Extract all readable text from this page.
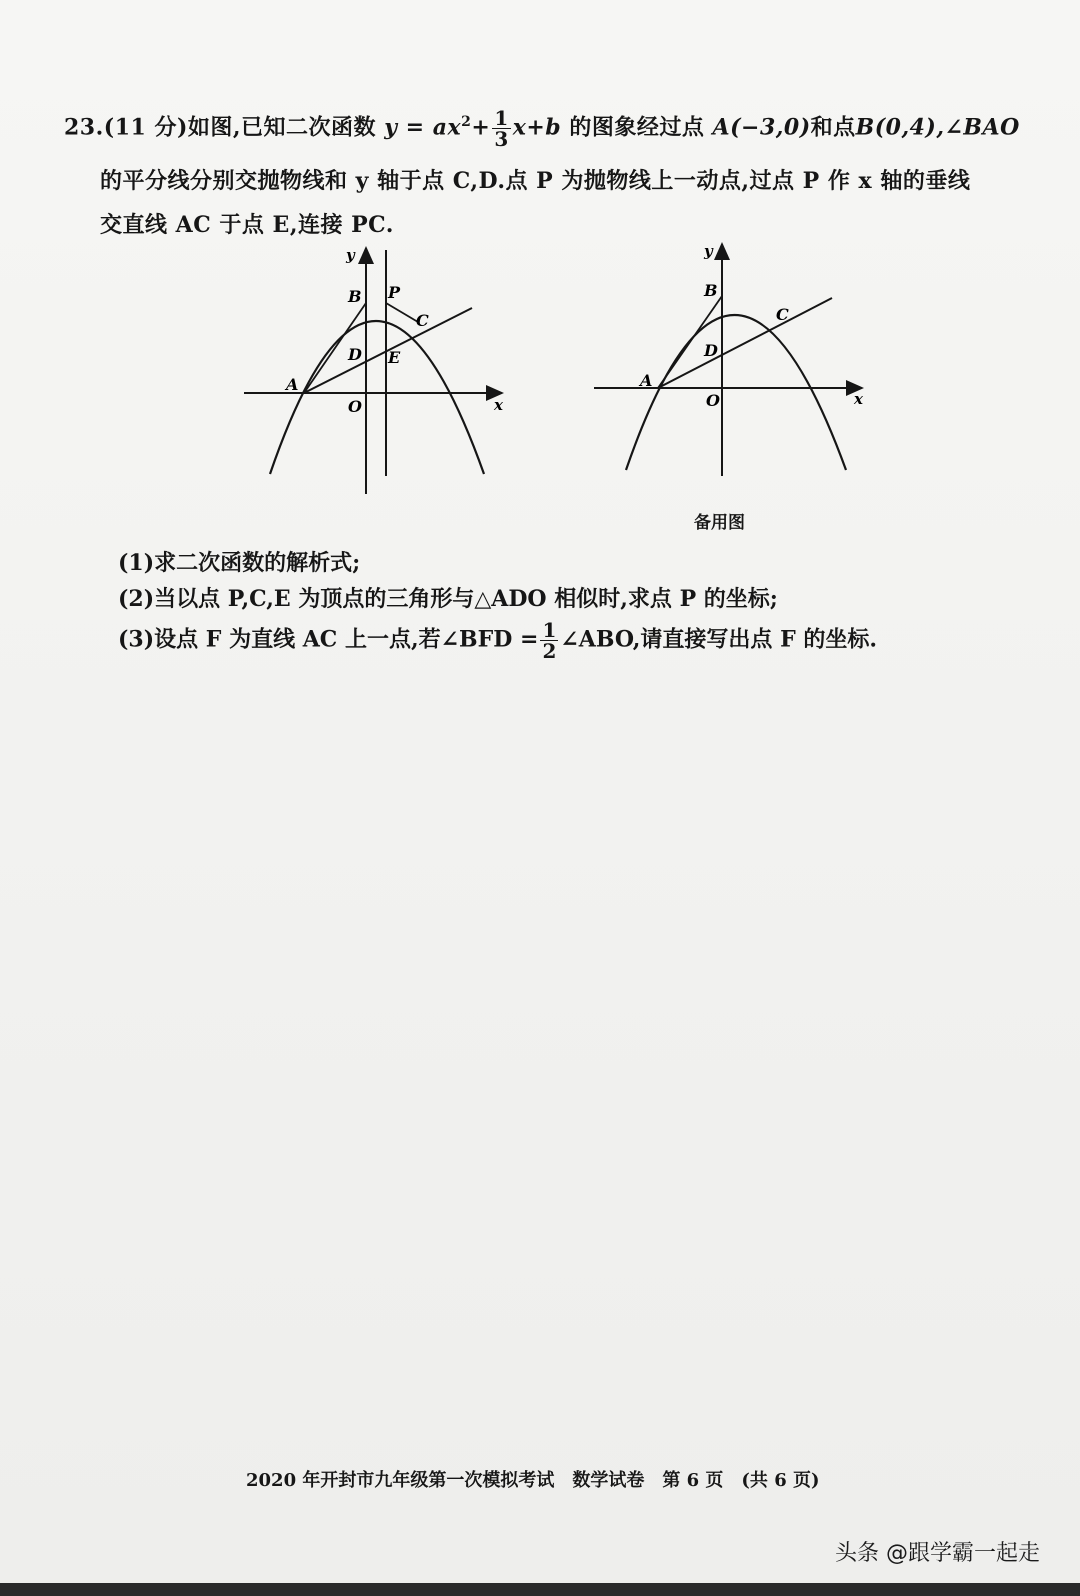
23.(11 分)如图,已知二次函数 $y = ax^2+ \frac{1}{3} x+b$ 的图象经过点 A(−3,0)和点B(0,4),∠BAO
的平分线分别交抛物线和 y 轴于点 C,D.点 P 为抛物线上一动点,过点 P 作 x 轴的垂线
交直线 AC 于点 E,连接 PC.
y
x
O
A
B P
C
D E
y
x
O
A
B
C
D
备用图
(1)求二次函数的解析式;
(2)当以点 P,C,E 为顶点的三角形与△ADO 相似时,求点 P 的坐标;
(3)设点 F 为直线 AC 上一点,若∠BFD = $\frac{1}{2}$ ∠ABO,请直接写出点 F 的坐标.
2020 年开封市九年级第一次模拟考试　数学试卷　第 6 页　(共 6 页)
头条 @跟学霸一起走
